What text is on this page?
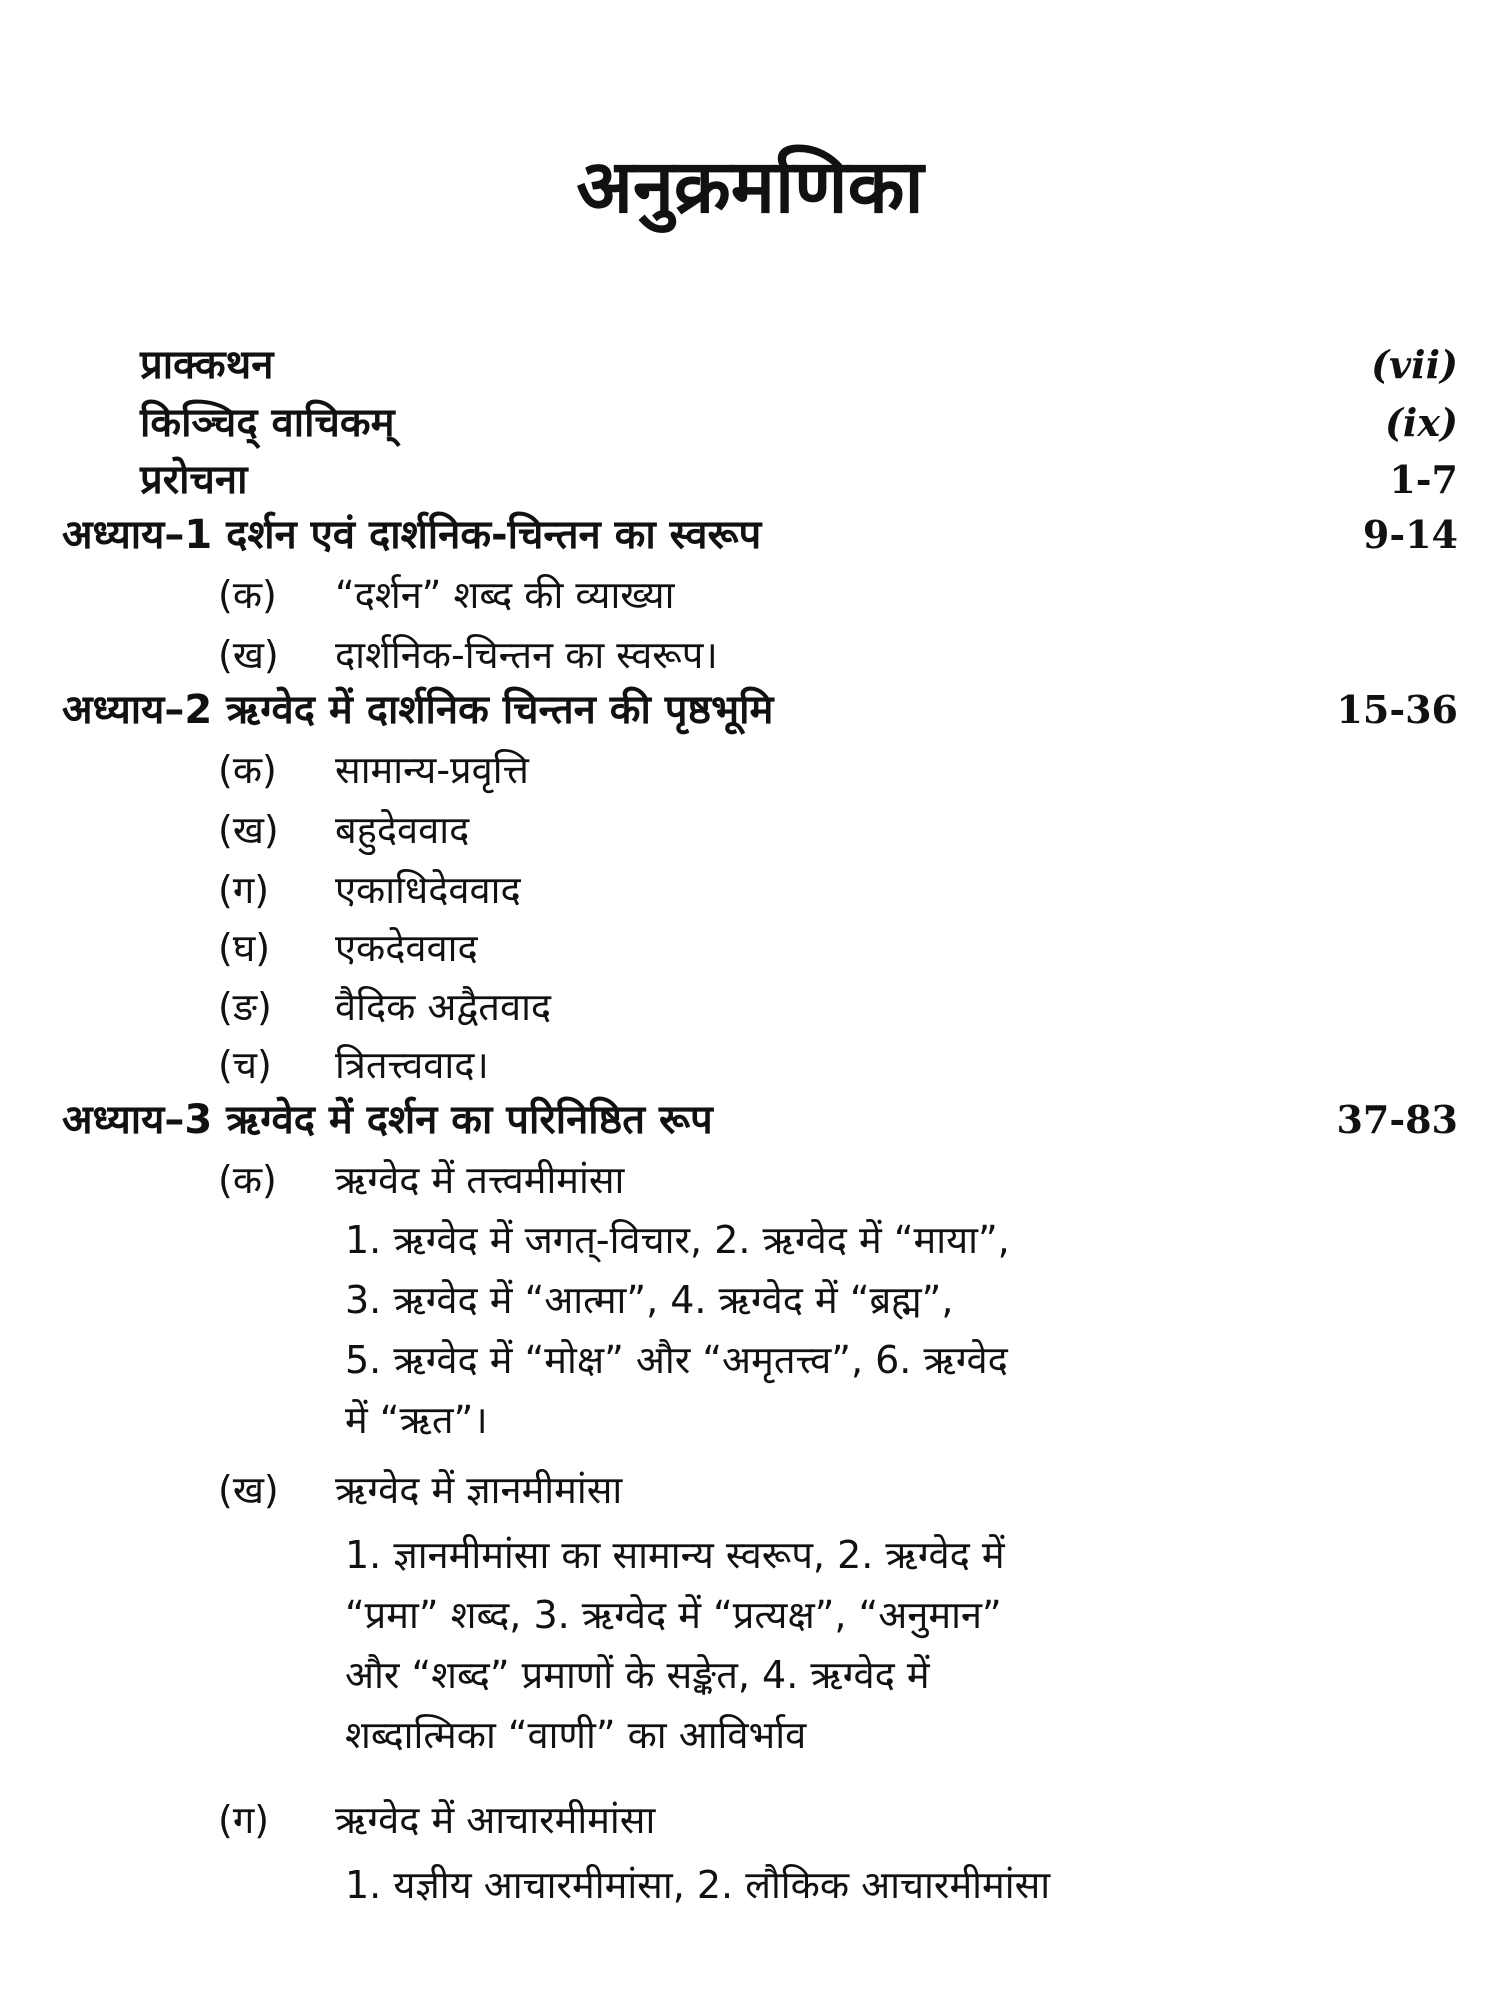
अनुक्रमणिका
प्राक्कथन	(vii)
किञ्चिद् वाचिकम्	(ix)
प्ररोचना	1-7
अध्याय–1 दर्शन एवं दार्शनिक-चिन्तन का स्वरूप	9-14
(क) “दर्शन” शब्द की व्याख्या
(ख) दार्शनिक-चिन्तन का स्वरूप।
अध्याय–2 ऋग्वेद में दार्शनिक चिन्तन की पृष्ठभूमि	15-36
(क) सामान्य-प्रवृत्ति
(ख) बहुदेववाद
(ग) एकाधिदेववाद
(घ) एकदेववाद
(ङ) वैदिक अद्वैतवाद
(च) त्रितत्त्ववाद।
अध्याय–3 ऋग्वेद में दर्शन का परिनिष्ठित रूप	37-83
(क) ऋग्वेद में तत्त्वमीमांसा
1. ऋग्वेद में जगत्-विचार, 2. ऋग्वेद में “माया”,
3. ऋग्वेद में “आत्मा”, 4. ऋग्वेद में “ब्रह्म”,
5. ऋग्वेद में “मोक्ष” और “अमृतत्त्व”, 6. ऋग्वेद
में “ऋत”।
(ख) ऋग्वेद में ज्ञानमीमांसा
1. ज्ञानमीमांसा का सामान्य स्वरूप, 2. ऋग्वेद में
“प्रमा” शब्द, 3. ऋग्वेद में “प्रत्यक्ष”, “अनुमान”
और “शब्द” प्रमाणों के सङ्केत, 4. ऋग्वेद में
शब्दात्मिका “वाणी” का आविर्भाव
(ग) ऋग्वेद में आचारमीमांसा
1. यज्ञीय आचारमीमांसा, 2. लौकिक आचारमीमांसा
